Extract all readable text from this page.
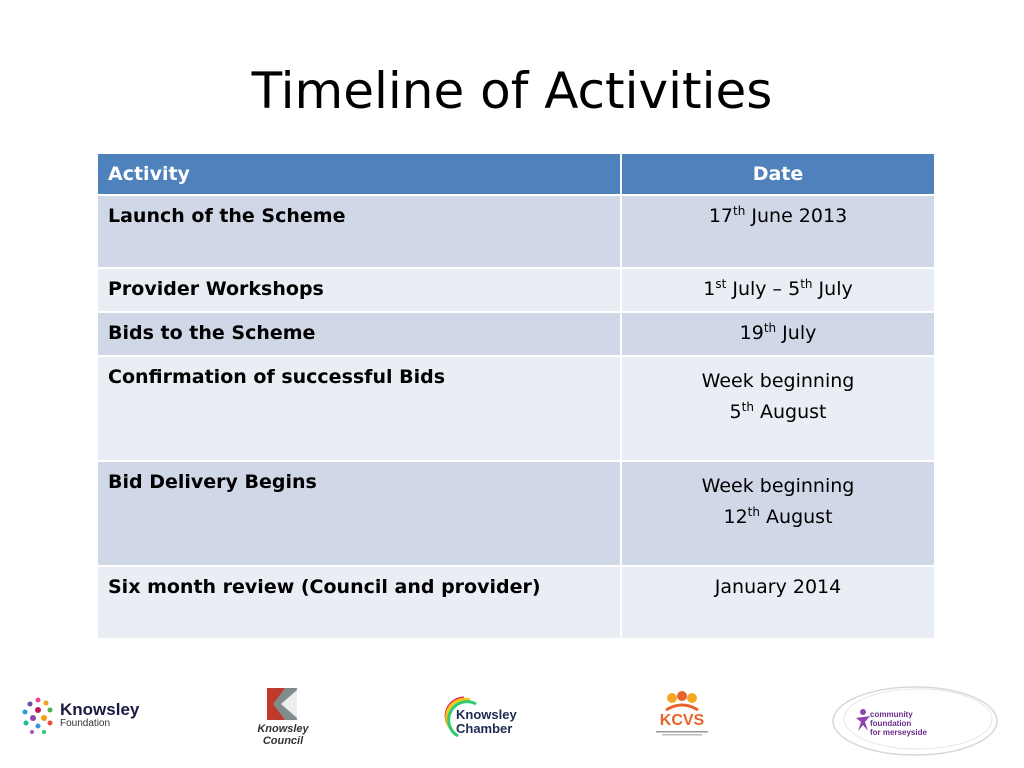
Timeline of Activities
Activity	Date
Launch of the Scheme	17th June 2013
Provider Workshops	1st July – 5th July
Bids to the Scheme	19th July
Confirmation of successful Bids	Week beginning
5th August
Bid Delivery Begins	Week beginning
12th August
Six month review (Council and provider)	January 2014
Knowsley
Foundation	Knowsley Council
Knowsley
Chamber	KCVS	community
foundation
for merseyside
